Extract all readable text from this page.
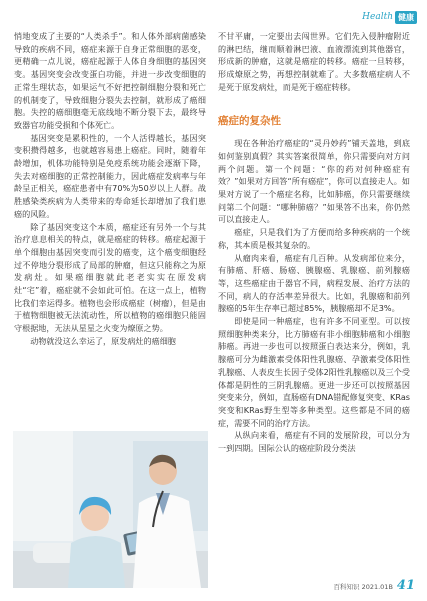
Health 健康

悄地变成了主要的“人类杀手”。和人体外部病菌感染导致的疾病不同，癌症来源于自身正常细胞的恶变，更精确一点儿说，癌症起源于人体自身细胞的基因突变。基因突变会改变蛋白功能，并进一步改变细胞的正常生理状态，如果运气不好把控制细胞分裂和死亡的机制变了，导致细胞分裂失去控制，就形成了癌细胞。失控的癌细胞毫无底线地不断分裂下去，最终导致器官功能受损和个体死亡。

基因突变是累积性的，一个人活得越长，基因突变积攒得越多，也就越容易患上癌症。同时，随着年龄增加，机体功能特别是免疫系统功能会逐渐下降，失去对癌细胞的正常控制能力，因此癌症发病率与年龄呈正相关，癌症患者中有70%为50岁以上人群。战胜感染类疾病为人类带来的寿命延长却增加了我们患癌的风险。

除了基因突变这个本质，癌症还有另外一个与其治疗息息相关的特点，就是癌症的转移。癌症起源于单个细胞由基因突变而引发的癌变，这个癌变细胞经过不停地分裂形成了局部的肿瘤，但这只能称之为原发病灶。如果癌细胞就此老老实实在原发病灶“宅”着，癌症就不会如此可怕。在这一点上，植物比我们幸运得多。植物也会形成癌症（树瘤），但是由于植物细胞被无法流动性，所以植物的癌细胞只能固守根据地，无法从星星之火变为燎原之势。

动物就没这么幸运了，原发病灶的癌细胞

不甘平庸，一定要出去闯世界。它们先入侵肿瘤附近的淋巴结，继而顺着淋巴液、血液漂流到其他器官，形成新的肿瘤，这就是癌症的转移。癌症一旦转移，形成燎原之势，再想控制就难了。大多数癌症病人不是死于原发病灶，而是死于癌症转移。

癌症的复杂性

现在各种治疗癌症的“灵丹妙药”铺天盖地，到底如何鉴别真假？其实答案很简单，你只需要向对方问两个问题。第一个问题：“你的药对何种癌症有效？”如果对方回答“所有癌症”，你可以直接走人。如果对方说了一个癌症名称，比如肺癌，你只需要继续问第二个问题：“哪种肺癌？”如果答不出来，你仍然可以直接走人。

癌症，只是我们为了方便而给多种疾病的一个统称，其本质是极其复杂的。

从瘤肉来看，癌症有几百种。从发病部位来分，有肺癌、肝癌、肠癌、胰腺癌、乳腺癌、前列腺癌等，这些癌症由于器官不同，病程发展、治疗方法的不同，病人的存活率差异很大。比如，乳腺癌和前列腺癌的5年生存率已超过85%，胰腺癌却不足3%。

即使是同一种癌症，也有许多不同亚型。可以按照细胞种类来分，比方肺癌有非小细胞肺癌和小细胞肺癌。再进一步也可以按照蛋白表达来分，例如，乳腺癌可分为雌激素受体阳性乳腺癌、孕激素受体阳性乳腺癌、人表皮生长因子受体2阳性乳腺癌以及三个受体都是阴性的三阴乳腺癌。更进一步还可以按照基因突变来分，例如，直肠癌有DNA错配修复突变、KRas突变和KRas野生型等多种类型。这些都是不同的癌症，需要不同的治疗方法。

从纵向来看，癌症有不同的发展阶段，可以分为一到四期。国际公认的癌症阶段分类法

百科知识 2021.01B 41
